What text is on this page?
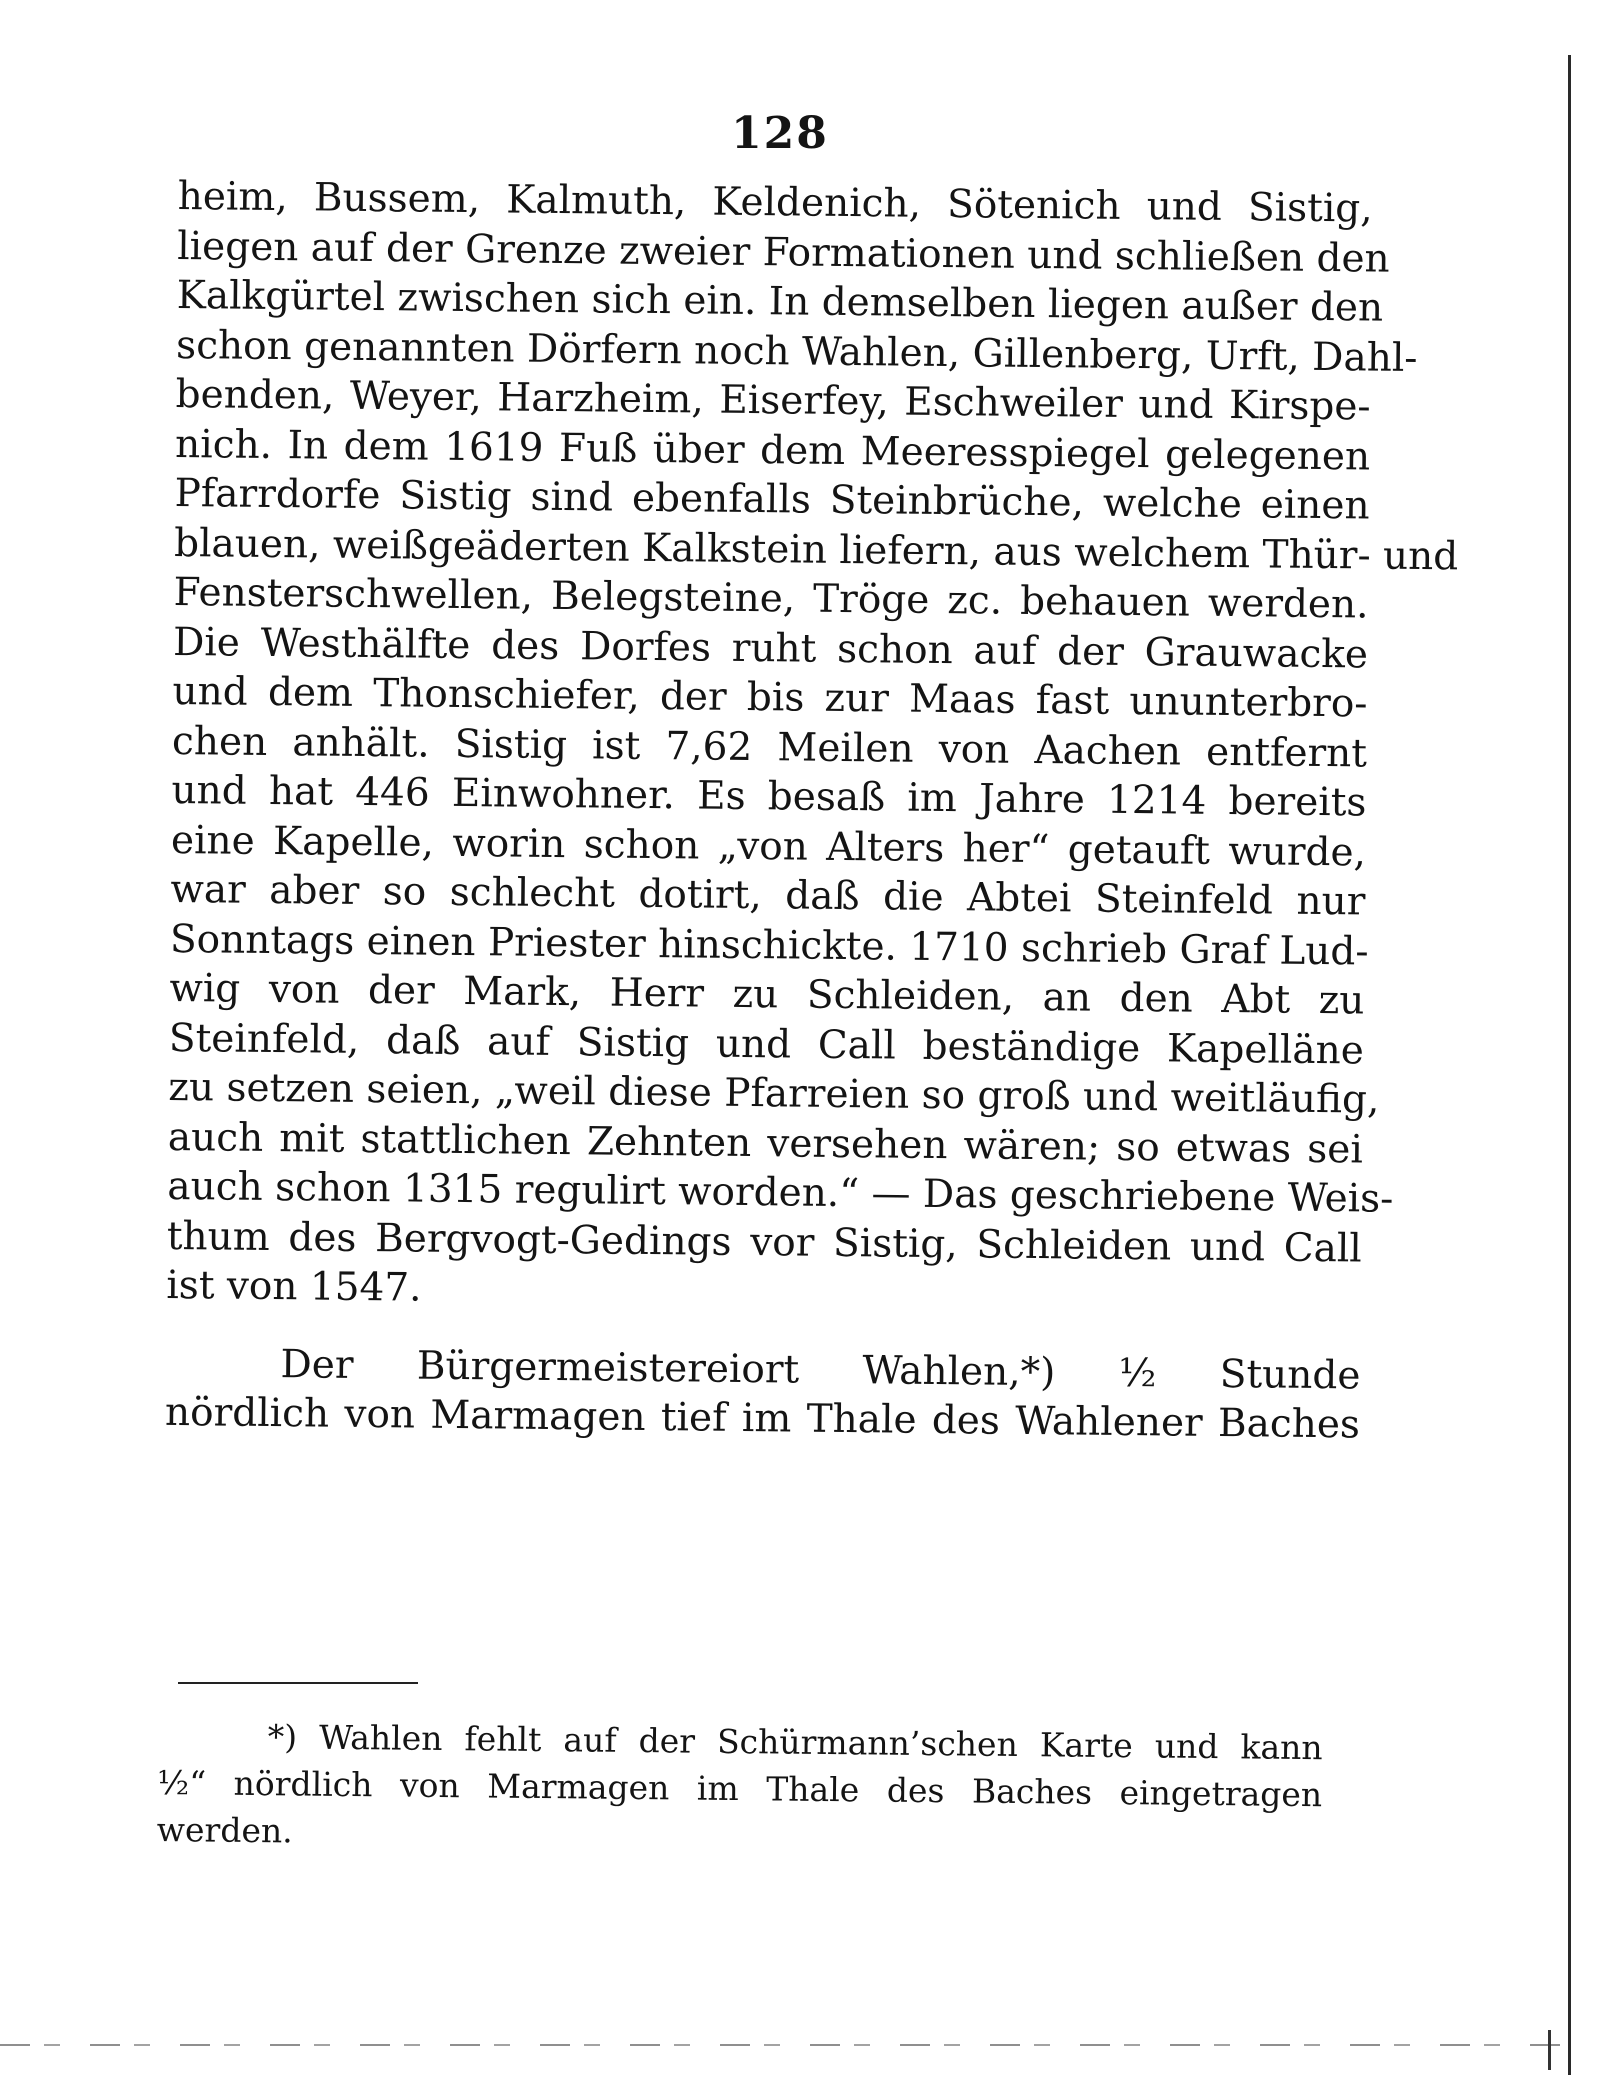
128
heim, Bussem, Kalmuth, Keldenich, Sötenich und Sistig,
liegen auf der Grenze zweier Formationen und schließen den
Kalkgürtel zwischen sich ein. In demselben liegen außer den
schon genannten Dörfern noch Wahlen, Gillenberg, Urft, Dahl-
benden, Weyer, Harzheim, Eiserfey, Eschweiler und Kirspe-
nich. In dem 1619 Fuß über dem Meeresspiegel gelegenen
Pfarrdorfe Sistig sind ebenfalls Steinbrüche, welche einen
blauen, weißgeäderten Kalkstein liefern, aus welchem Thür- und
Fensterschwellen, Belegsteine, Tröge zc. behauen werden.
Die Westhälfte des Dorfes ruht schon auf der Grauwacke
und dem Thonschiefer, der bis zur Maas fast ununterbro-
chen anhält. Sistig ist 7,62 Meilen von Aachen entfernt
und hat 446 Einwohner. Es besaß im Jahre 1214 bereits
eine Kapelle, worin schon „von Alters her“ getauft wurde,
war aber so schlecht dotirt, daß die Abtei Steinfeld nur
Sonntags einen Priester hinschickte. 1710 schrieb Graf Lud-
wig von der Mark, Herr zu Schleiden, an den Abt zu
Steinfeld, daß auf Sistig und Call beständige Kapelläne
zu setzen seien, „weil diese Pfarreien so groß und weitläufig,
auch mit stattlichen Zehnten versehen wären; so etwas sei
auch schon 1315 regulirt worden.“ — Das geschriebene Weis-
thum des Bergvogt-Gedings vor Sistig, Schleiden und Call
ist von 1547.
Der Bürgermeistereiort Wahlen,*) ½ Stunde
nördlich von Marmagen tief im Thale des Wahlener Baches
*) Wahlen fehlt auf der Schürmann’schen Karte und kann
½“ nördlich von Marmagen im Thale des Baches eingetragen
werden.
